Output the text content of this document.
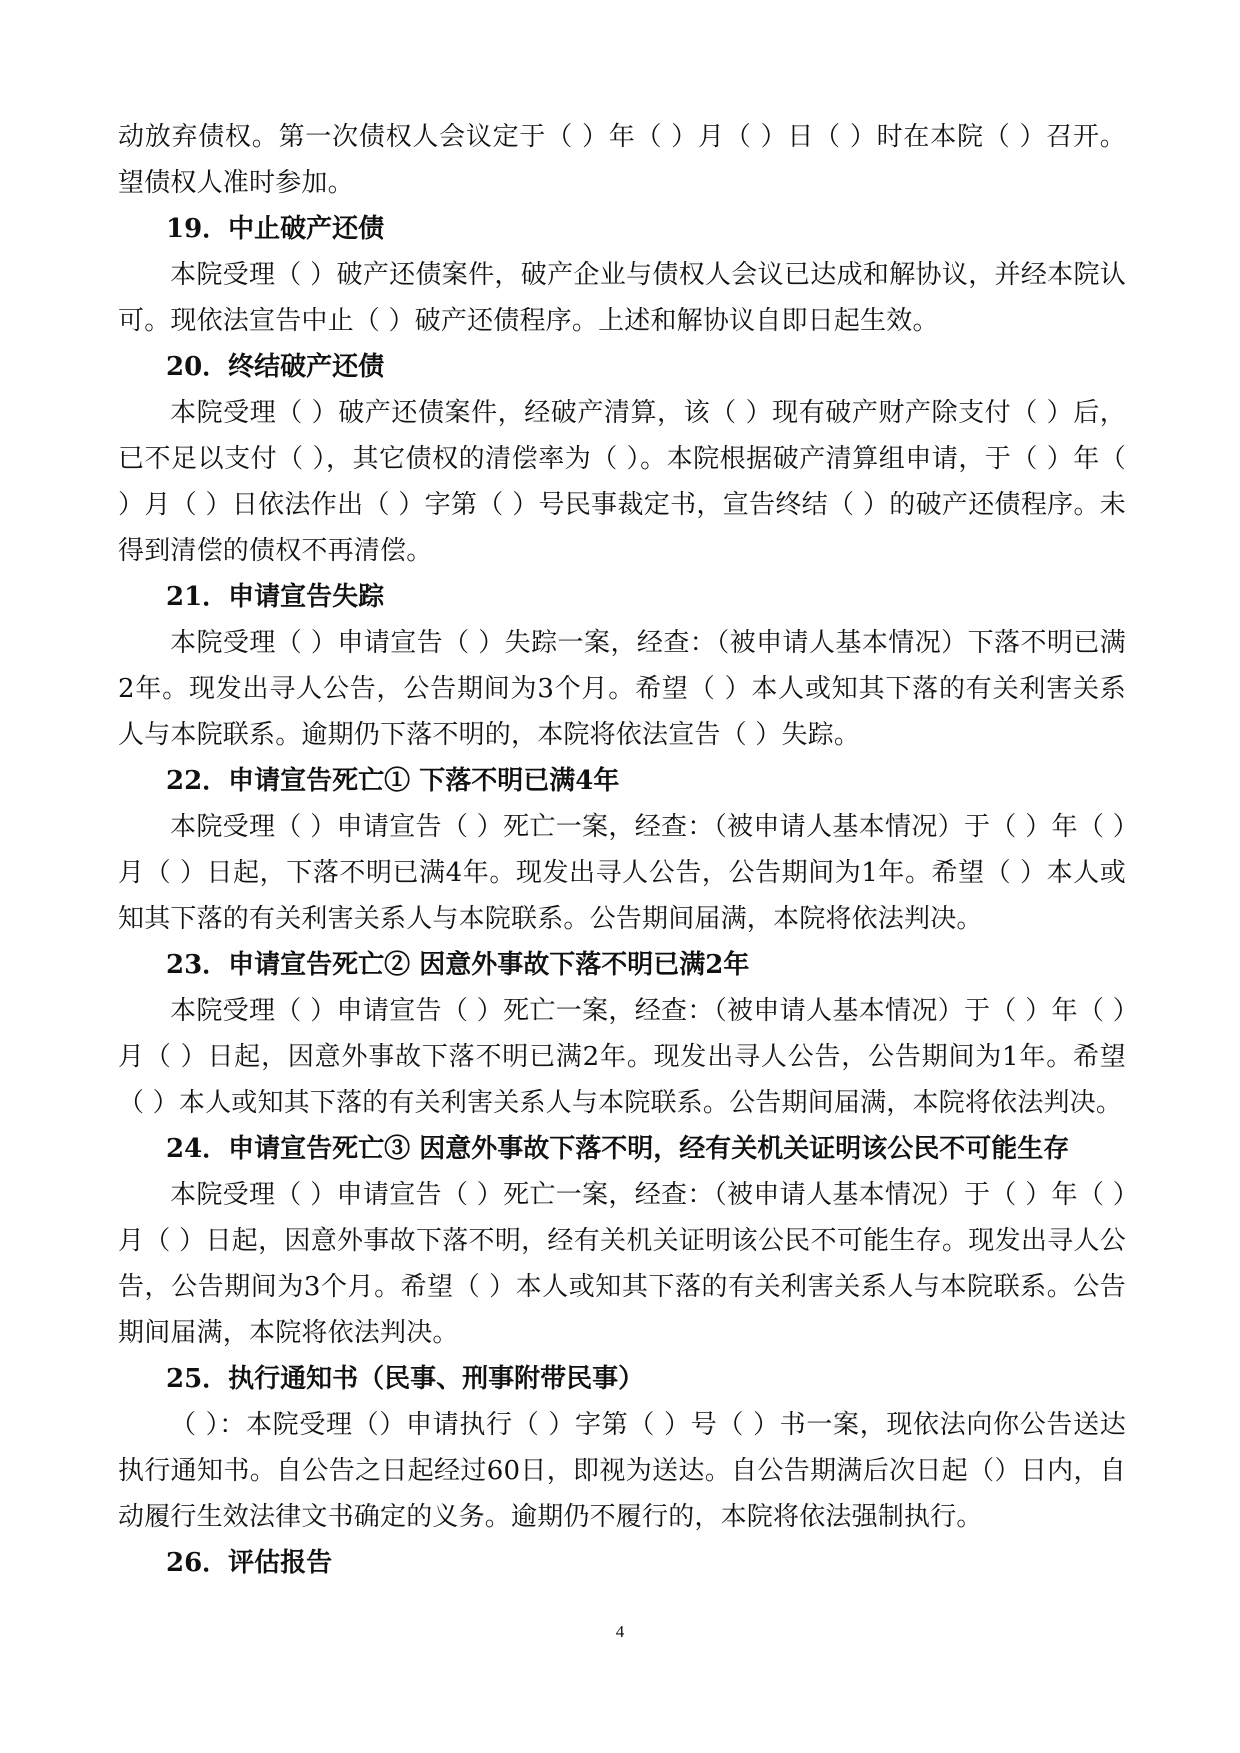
动放弃债权。第一次债权人会议定于（ ）年（ ）月（ ）日（ ）时在本院（ ）召开。望债权人准时参加。

19．中止破产还债

本院受理（ ）破产还债案件，破产企业与债权人会议已达成和解协议，并经本院认可。现依法宣告中止（ ）破产还债程序。上述和解协议自即日起生效。

20．终结破产还债

本院受理（ ）破产还债案件，经破产清算，该（ ）现有破产财产除支付（ ）后，已不足以支付（ ），其它债权的清偿率为（ ）。本院根据破产清算组申请，于（ ）年（ ）月（ ）日依法作出（ ）字第（ ）号民事裁定书，宣告终结（ ）的破产还债程序。未得到清偿的债权不再清偿。

21．申请宣告失踪

本院受理（ ）申请宣告（ ）失踪一案，经查：（被申请人基本情况）下落不明已满2年。现发出寻人公告，公告期间为3个月。希望（ ）本人或知其下落的有关利害关系人与本院联系。逾期仍下落不明的，本院将依法宣告（ ）失踪。

22．申请宣告死亡① 下落不明已满4年

本院受理（ ）申请宣告（ ）死亡一案，经查：（被申请人基本情况）于（ ）年（ ）月（ ）日起，下落不明已满4年。现发出寻人公告，公告期间为1年。希望（ ）本人或知其下落的有关利害关系人与本院联系。公告期间届满，本院将依法判决。

23．申请宣告死亡② 因意外事故下落不明已满2年

本院受理（ ）申请宣告（ ）死亡一案，经查：（被申请人基本情况）于（ ）年（ ）月（ ）日起，因意外事故下落不明已满2年。现发出寻人公告，公告期间为1年。希望（ ）本人或知其下落的有关利害关系人与本院联系。公告期间届满，本院将依法判决。

24．申请宣告死亡③ 因意外事故下落不明，经有关机关证明该公民不可能生存

本院受理（ ）申请宣告（ ）死亡一案，经查：（被申请人基本情况）于（ ）年（ ）月（ ）日起，因意外事故下落不明，经有关机关证明该公民不可能生存。现发出寻人公告，公告期间为3个月。希望（ ）本人或知其下落的有关利害关系人与本院联系。公告期间届满，本院将依法判决。

25．执行通知书（民事、刑事附带民事）

（ ）：本院受理（）申请执行（ ）字第（ ）号（ ）书一案，现依法向你公告送达执行通知书。自公告之日起经过60日，即视为送达。自公告期满后次日起（）日内，自动履行生效法律文书确定的义务。逾期仍不履行的，本院将依法强制执行。

26．评估报告

4
